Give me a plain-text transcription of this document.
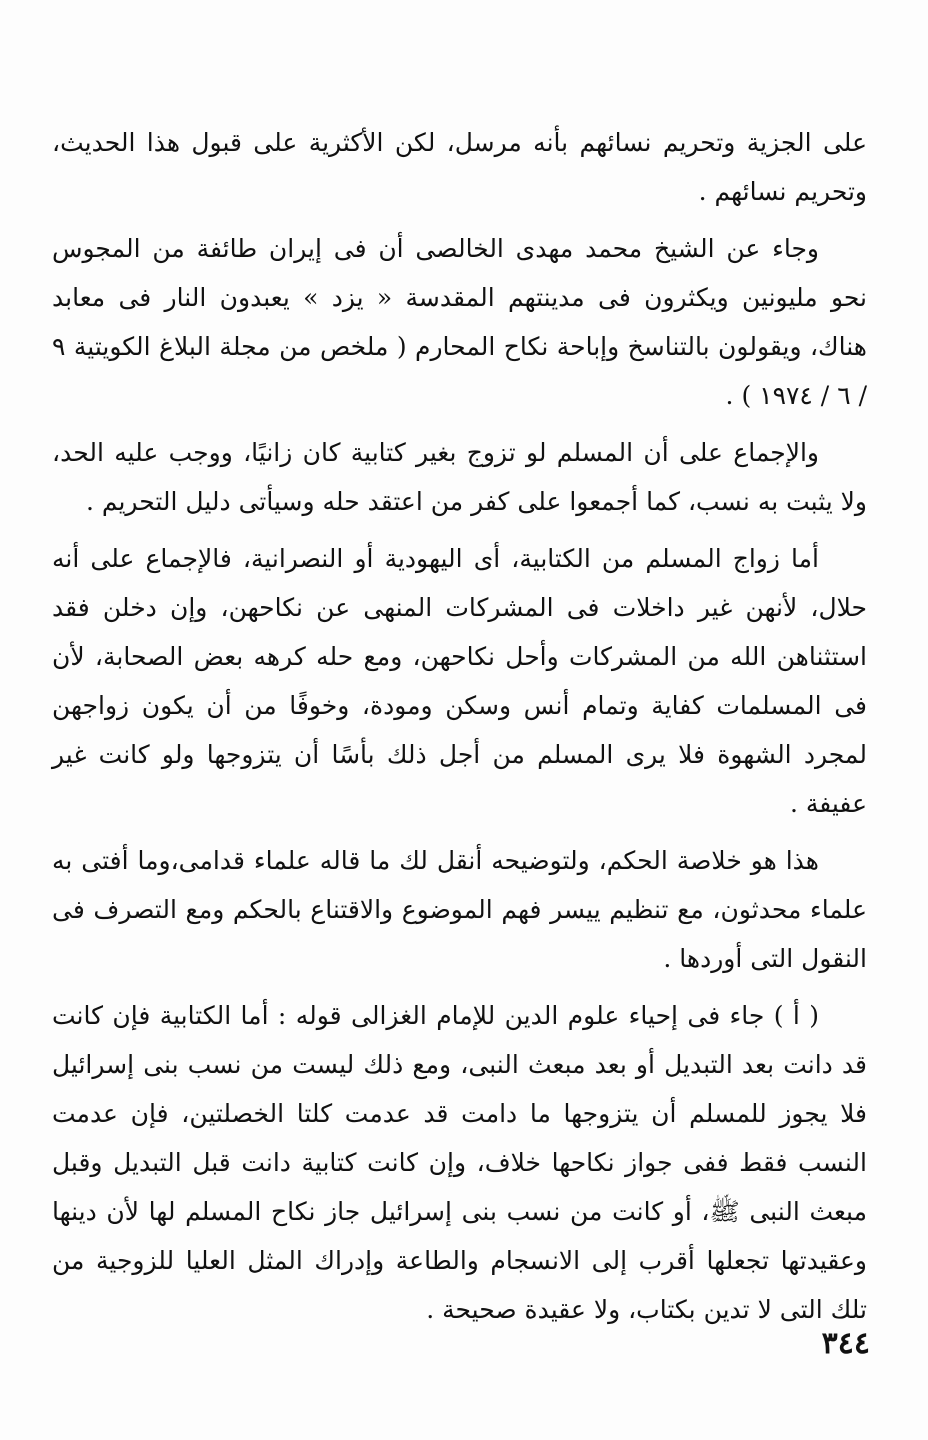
على الجزية وتحريم نسائهم بأنه مرسل، لكن الأكثرية على قبول هذا الحديث، وتحريم نسائهم .

وجاء عن الشيخ محمد مهدى الخالصى أن فى إيران طائفة من المجوس نحو مليونين ويكثرون فى مدينتهم المقدسة « يزد » يعبدون النار فى معابد هناك، ويقولون بالتناسخ وإباحة نكاح المحارم ( ملخص من مجلة البلاغ الكويتية ٩ / ٦ / ١٩٧٤ ) .

والإجماع على أن المسلم لو تزوج بغير كتابية كان زانيًا، ووجب عليه الحد، ولا يثبت به نسب، كما أجمعوا على كفر من اعتقد حله وسيأتى دليل التحريم .

أما زواج المسلم من الكتابية، أى اليهودية أو النصرانية، فالإجماع على أنه حلال، لأنهن غير داخلات فى المشركات المنهى عن نكاحهن، وإن دخلن فقد استثناهن الله من المشركات وأحل نكاحهن، ومع حله كرهه بعض الصحابة، لأن فى المسلمات كفاية وتمام أنس وسكن ومودة، وخوفًا من أن يكون زواجهن لمجرد الشهوة فلا يرى المسلم من أجل ذلك بأسًا أن يتزوجها ولو كانت غير عفيفة .

هذا هو خلاصة الحكم، ولتوضيحه أنقل لك ما قاله علماء قدامى،وما أفتى به علماء محدثون، مع تنظيم ييسر فهم الموضوع والاقتناع بالحكم ومع التصرف فى النقول التى أوردها .

( أ ) جاء فى إحياء علوم الدين للإمام الغزالى قوله : أما الكتابية فإن كانت قد دانت بعد التبديل أو بعد مبعث النبى، ومع ذلك ليست من نسب بنى إسرائيل فلا يجوز للمسلم أن يتزوجها ما دامت قد عدمت كلتا الخصلتين، فإن عدمت النسب فقط ففى جواز نكاحها خلاف، وإن كانت كتابية دانت قبل التبديل وقبل مبعث النبى ﷺ، أو كانت من نسب بنى إسرائيل جاز نكاح المسلم لها لأن دينها وعقيدتها تجعلها أقرب إلى الانسجام والطاعة وإدراك المثل العليا للزوجية من تلك التى لا تدين بكتاب، ولا عقيدة صحيحة .

٣٤٤
